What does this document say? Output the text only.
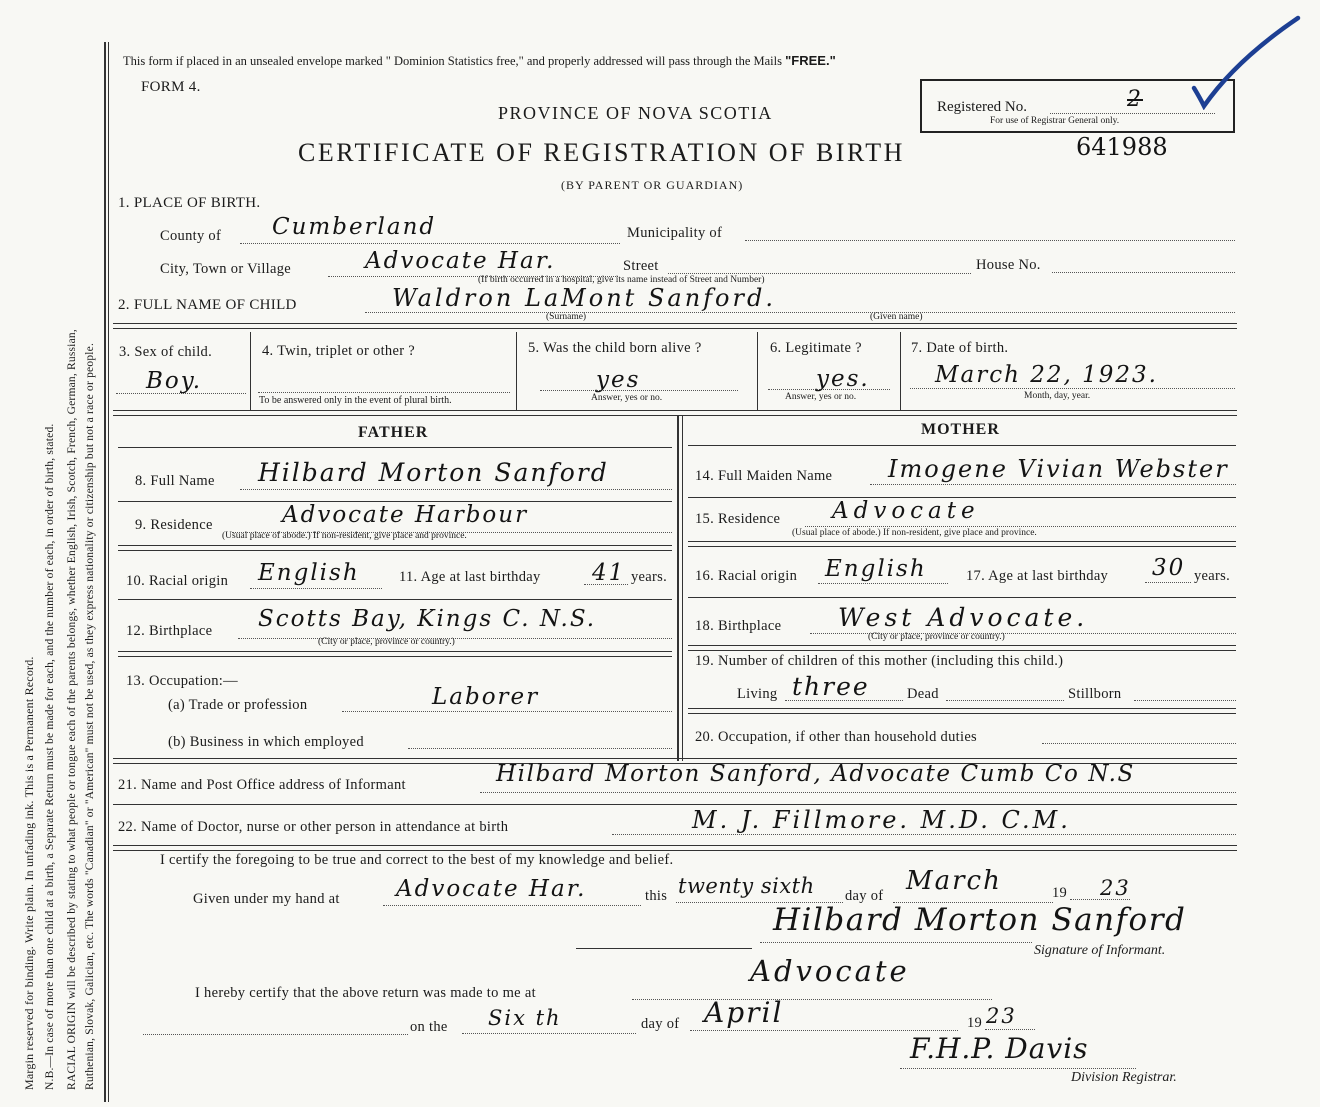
Margin reserved for binding. Write plain. In unfading ink. This is a Permanent Record. N.B.—In case of more than one child at a birth, a Separate Return must be made for each, and the number of each, in order of birth, stated. RACIAL ORIGIN will be described by stating to what people or tongue each of the parents belongs, whether English, Irish, Scotch, French, German, Russian, Ruthenian, Slovak, Galician, etc. The words "Canadian" or "American" must not be used, as they express nationality or citizenship but not a race or people.
This form if placed in an unsealed envelope marked " Dominion Statistics free," and properly addressed will pass through the Mails "FREE."
FORM 4.
PROVINCE OF NOVA SCOTIA	Registered No.	2
For use of Registrar General only.
CERTIFICATE OF REGISTRATION OF BIRTH	641988
(BY PARENT OR GUARDIAN)
1. PLACE OF BIRTH.
County of Cumberland	Municipality of
City, Town or Village	Advocate Har.	Street	House No.
(If birth occurred in a hospital, give its name instead of Street and Number)
2. FULL NAME OF CHILD	Waldron LaMont Sanford.
(Surname)	(Given name)
3. Sex of child.
Boy.
4. Twin, triplet or other ?
To be answered only in the event of plural birth.
5. Was the child born alive ?
yes
Answer, yes or no.
6. Legitimate ?
yes.
Answer, yes or no.
7. Date of birth.
March 22, 1923.
Month, day, year.
FATHER	MOTHER
8. Full Name Hilbard Morton Sanford
9. Residence	Advocate Harbour
(Usual place of abode.) If non-resident, give place and province.
10. Racial origin English	11. Age at last birthday 41 years.
12. Birthplace Scotts Bay, Kings C. N.S.
(City or place, province or country.)
13. Occupation:—
(a) Trade or profession	Laborer
(b) Business in which employed
14. Full Maiden Name Imogene Vivian Webster
15. Residence Advocate
(Usual place of abode.) If non-resident, give place and province.
16. Racial origin English	17. Age at last birthday 30 years.
18. Birthplace West Advocate.
(City or place, province or country.)
19. Number of children of this mother (including this child.)
Living three	Dead	Stillborn
20. Occupation, if other than household duties
21. Name and Post Office address of Informant	Hilbard Morton Sanford, Advocate Cumb Co N.S
22. Name of Doctor, nurse or other person in attendance at birth	M. J. Fillmore. M.D. C.M.
I certify the foregoing to be true and correct to the best of my knowledge and belief.
Given under my hand at Advocate Har.	this twenty sixth day of March	19 23
Hilbard Morton Sanford
Signature of Informant.
I hereby certify that the above return was made to me at
Advocate
on the Six th	day of April	19 23
F.H.P. Davis
Division Registrar.
